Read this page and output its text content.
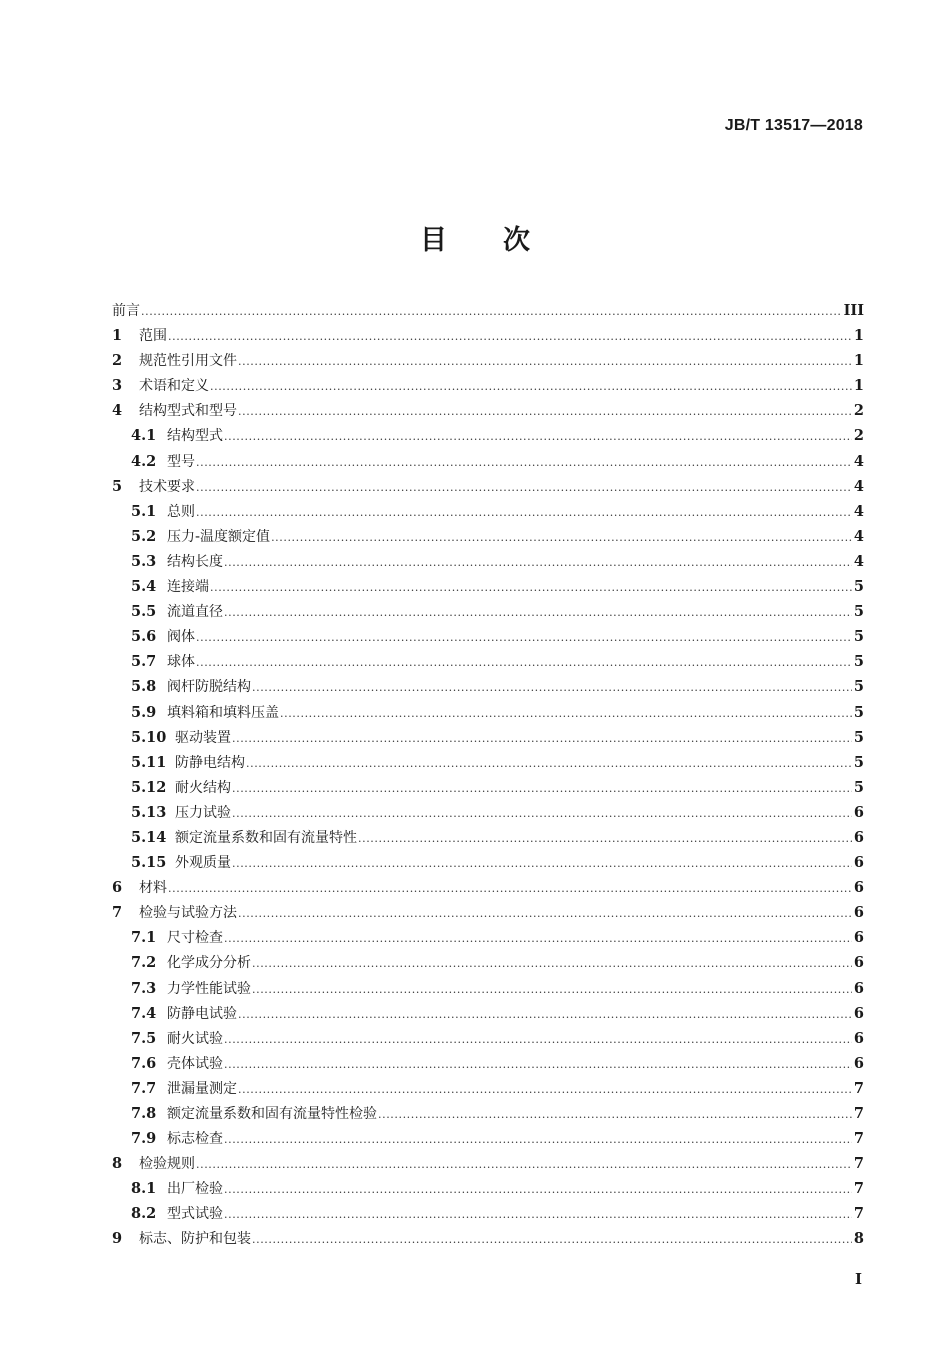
JB/T 13517—2018
目次
前言 .....	III
1	范围 .....	1
2	规范性引用文件 .....	1
3	术语和定义 .....	1
4	结构型式和型号 .....	2
4.1 结构型式 .....	2
4.2 型号 .....	4
5	技术要求 .....	4
5.1 总则 .....	4
5.2 压力-温度额定值 .....	4
5.3 结构长度 .....	4
5.4 连接端 .....	5
5.5 流道直径 .....	5
5.6 阀体 .....	5
5.7 球体 .....	5
5.8 阀杆防脱结构 .....	5
5.9 填料箱和填料压盖 .....	5
5.10 驱动装置 .....	5
5.11 防静电结构 .....	5
5.12 耐火结构 .....	5
5.13 压力试验 .....	6
5.14 额定流量系数和固有流量特性 .....	6
5.15 外观质量 .....	6
6	材料 .....	6
7	检验与试验方法 .....	6
7.1 尺寸检查 .....	6
7.2 化学成分分析 .....	6
7.3 力学性能试验 .....	6
7.4 防静电试验 .....	6
7.5 耐火试验 .....	6
7.6 壳体试验 .....	6
7.7 泄漏量测定 .....	7
7.8 额定流量系数和固有流量特性检验 .....	7
7.9 标志检查 .....	7
8	检验规则 .....	7
8.1 出厂检验 .....	7
8.2 型式试验 .....	7
9	标志、防护和包装 .....	8
I
